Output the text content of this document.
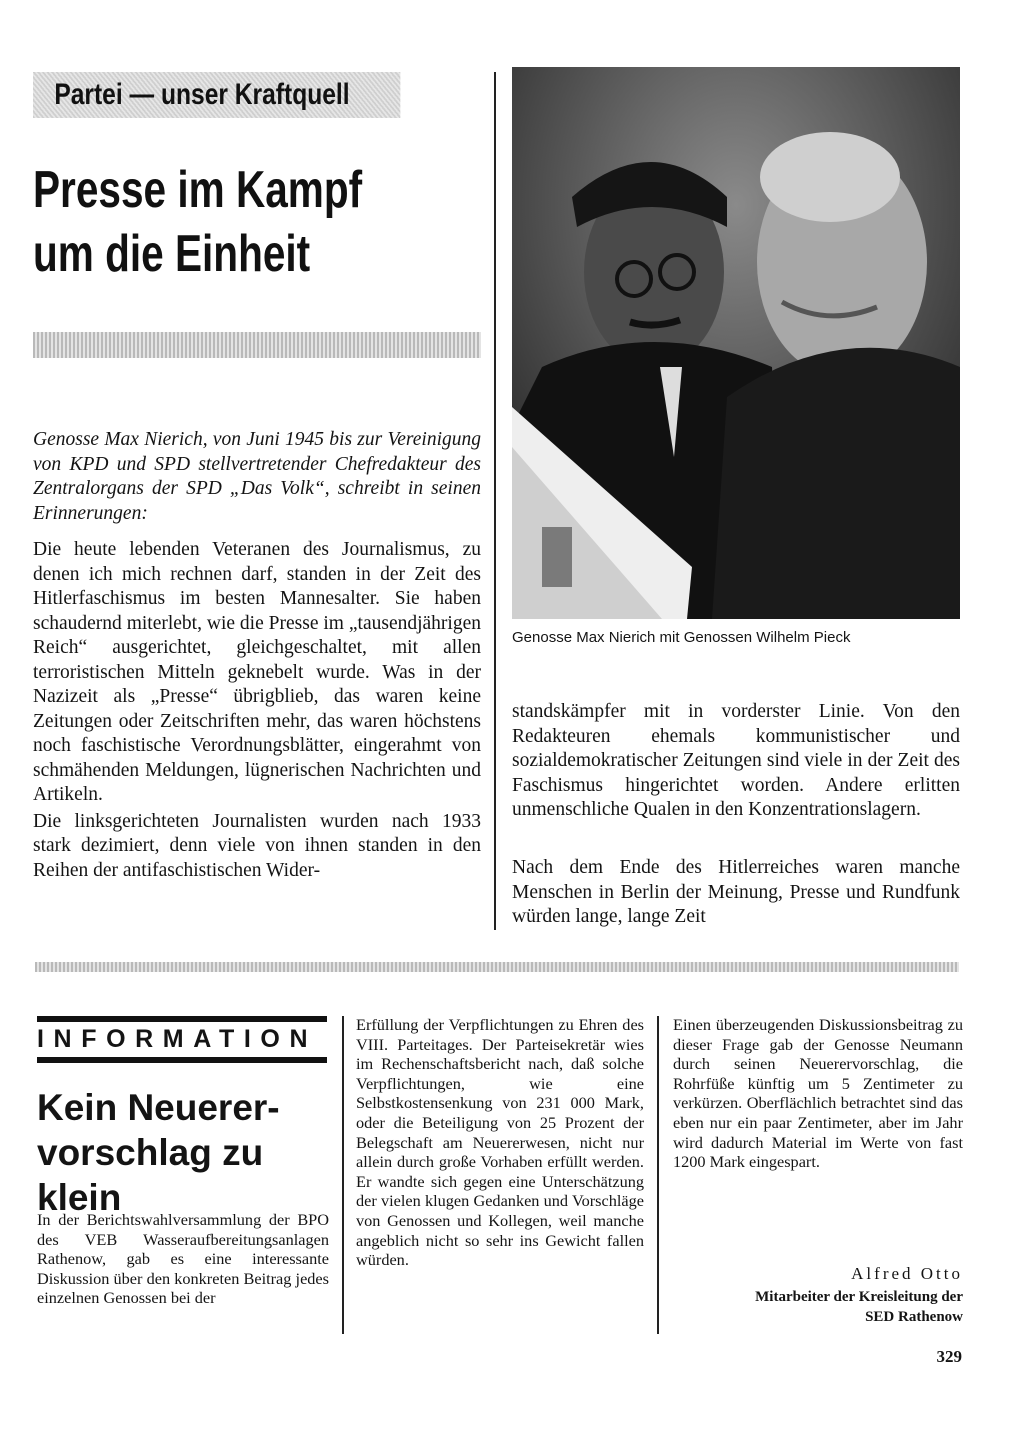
Partei — unser Kraftquell
Presse im Kampf
um die Einheit
Genosse Max Nierich mit Genossen Wilhelm Pieck

Genosse Max Nierich, von Juni 1945 bis zur Vereinigung von KPD und SPD stellvertretender Chefredakteur des Zentralorgans der SPD „Das Volk“, schreibt in seinen Erinnerungen:

Die heute lebenden Veteranen des Journalismus, zu denen ich mich rechnen darf, standen in der Zeit des Hitlerfaschismus im besten Mannesalter. Sie haben schaudernd miterlebt, wie die Presse im „tausendjährigen Reich“ ausgerichtet, gleichgeschaltet, mit allen terroristischen Mitteln geknebelt wurde. Was in der Nazizeit als „Presse“ übrigblieb, das waren keine Zeitungen oder Zeitschriften mehr, das waren höchstens noch faschistische Verordnungsblätter, eingerahmt von schmähenden Meldungen, lügnerischen Nachrichten und Artikeln.

Die linksgerichteten Journalisten wurden nach 1933 stark dezimiert, denn viele von ihnen standen in den Reihen der antifaschistischen Wider-

standskämpfer mit in vorderster Linie. Von den Redakteuren ehemals kommunistischer und sozialdemokratischer Zeitungen sind viele in der Zeit des Faschismus hingerichtet worden. Andere erlitten unmenschliche Qualen in den Konzentrationslagern.

Nach dem Ende des Hitlerreiches waren manche Menschen in Berlin der Meinung, Presse und Rundfunk würden lange, lange Zeit

INFORMATION
Kein Neuerer-vorschlag zu klein
In der Berichtswahlversammlung der BPO des VEB Wasseraufbereitungsanlagen Rathenow, gab es eine interessante Diskussion über den konkreten Beitrag jedes einzelnen Genossen bei der
Erfüllung der Verpflichtungen zu Ehren des VIII. Parteitages. Der Parteisekretär wies im Rechenschaftsbericht nach, daß solche Verpflichtungen, wie eine Selbstkostensenkung von 231 000 Mark, oder die Beteiligung von 25 Prozent der Belegschaft am Neuererwesen, nicht nur allein durch große Vorhaben erfüllt werden. Er wandte sich gegen eine Unterschätzung der vielen klugen Gedanken und Vorschläge von Genossen und Kollegen, weil manche angeblich nicht so sehr ins Gewicht fallen würden.
Einen überzeugenden Diskussionsbeitrag zu dieser Frage gab der Genosse Neumann durch seinen Neuerervorschlag, die Rohrfüße künftig um 5 Zentimeter zu verkürzen. Oberflächlich betrachtet sind das eben nur ein paar Zentimeter, aber im Jahr wird dadurch Material im Werte von fast 1200 Mark eingespart.
Alfred Otto
Mitarbeiter der Kreisleitung der
SED Rathenow
329
